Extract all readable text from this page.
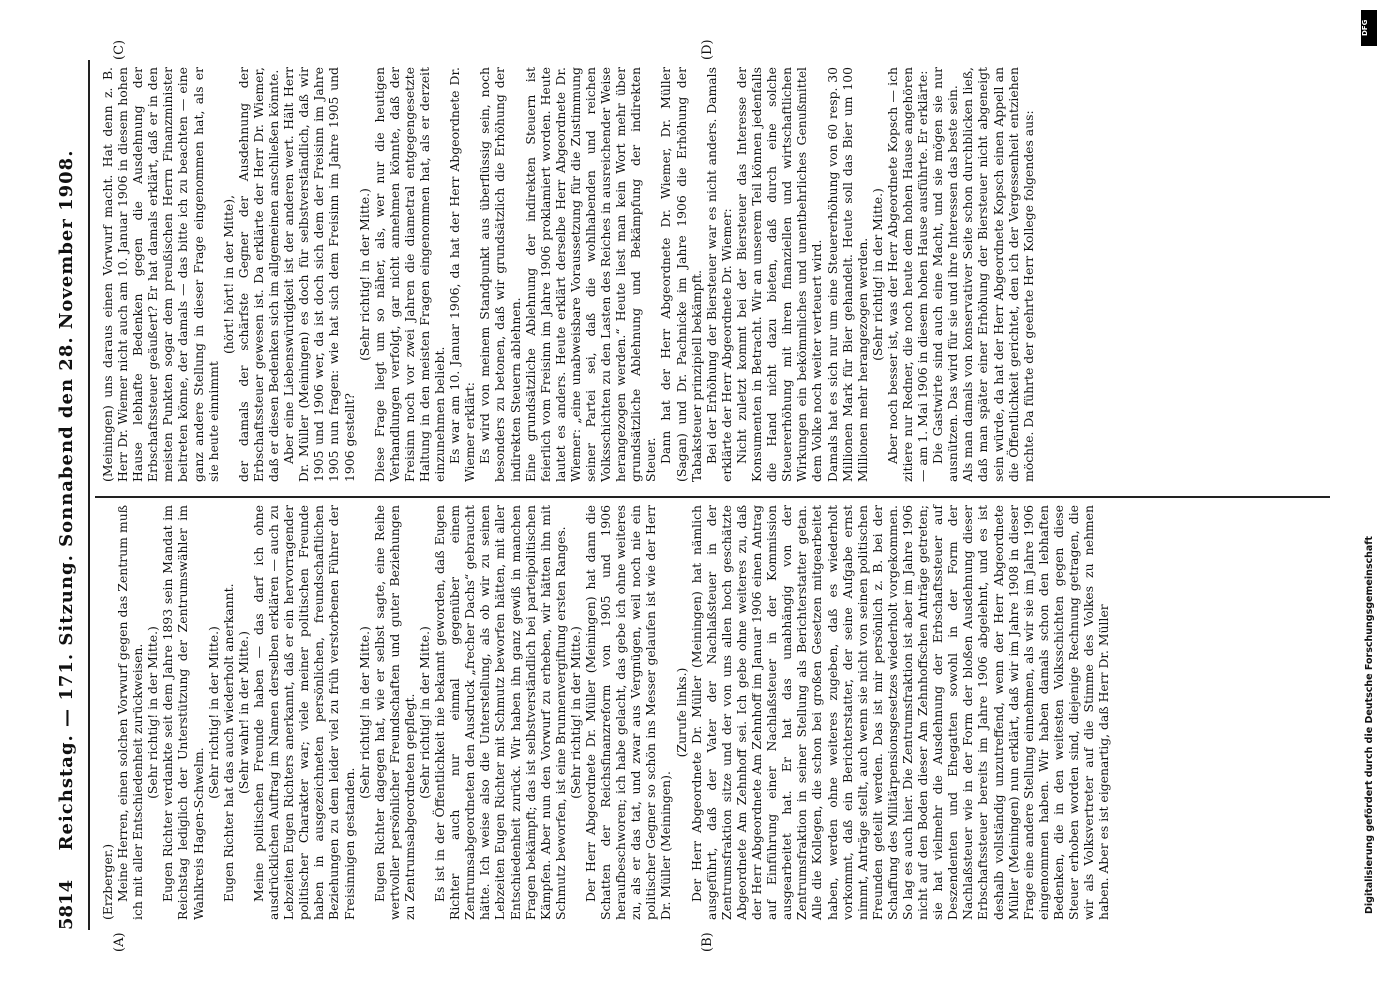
5814
Reichstag. — 171. Sitzung. Sonnabend den 28. November 1908.
(A)	(B)
(C)	(D)

(Erzberger.) Meine Herren, einen solchen Vorwurf gegen das Zentrum muß ich mit aller Entschiedenheit zurückweisen. (Sehr richtig! in der Mitte.) Eugen Richter verdankte seit dem Jahre 1893 sein Mandat im Reichstag lediglich der Unterstützung der Zentrumswähler im Wahlkreis Hagen-Schwelm.

(Sehr richtig! in der Mitte.) Eugen Richter hat das auch wiederholt anerkannt. (Sehr wahr! in der Mitte.) Meine politischen Freunde haben — das darf ich ohne ausdrücklichen Auftrag im Namen derselben erklären — auch zu Lebzeiten Eugen Richters anerkannt, daß er ein hervorragender politischer Charakter war; viele meiner politischen Freunde haben in ausgezeichneten persönlichen, freundschaftlichen Beziehungen zu dem leider viel zu früh verstorbenen Führer der Freisinnigen gestanden.

(Sehr richtig! in der Mitte.) Eugen Richter dagegen hat, wie er selbst sagte, eine Reihe wertvoller persönlicher Freundschaften und guter Beziehungen zu Zentrumsabgeordneten gepflegt. (Sehr richtig! in der Mitte.) Es ist in der Öffentlichkeit nie bekannt geworden, daß Eugen Richter auch nur einmal gegenüber einem Zentrumsabgeordneten den Ausdruck „frecher Dachs“ gebraucht hätte. Ich weise also die Unterstellung, als ob wir zu seinen Lebzeiten Eugen Richter mit Schmutz beworfen hätten, mit aller Entschiedenheit zurück. Wir haben ihn ganz gewiß in manchen Fragen bekämpft; das ist selbstverständlich bei parteipolitischen Kämpfen. Aber nun den Vorwurf zu erheben, wir hätten ihn mit Schmutz beworfen, ist eine Brunnenvergiftung ersten Ranges. (Sehr richtig! in der Mitte.) Der Herr Abgeordnete Dr. Müller (Meiningen) hat dann die Schatten der Reichsfinanzreform von 1905 und 1906 heraufbeschworen; ich habe gelacht, das gebe ich ohne weiteres zu, als er das tat, und zwar aus Vergnügen, weil noch nie ein politischer Gegner so schön ins Messer gelaufen ist wie der Herr Dr. Müller (Meiningen).

(Zurufe links.) Der Herr Abgeordnete Dr. Müller (Meiningen) hat nämlich ausgeführt, daß der Vater der Nachlaßsteuer in der Zentrumsfraktion sitze und der von uns allen hoch geschätzte Abgeordnete Am Zehnhoff sei. Ich gebe ohne weiteres zu, daß der Herr Abgeordnete Am Zehnhoff im Januar 1906 einen Antrag auf Einführung einer Nachlaßsteuer in der Kommission ausgearbeitet hat. Er hat das unabhängig von der Zentrumsfraktion in seiner Stellung als Berichterstatter getan. Alle die Kollegen, die schon bei großen Gesetzen mitgearbeitet haben, werden ohne weiteres zugeben, daß es wiederholt vorkommt, daß ein Berichterstatter, der seine Aufgabe ernst nimmt, Anträge stellt, auch wenn sie nicht von seinen politischen Freunden geteilt werden. Das ist mir persönlich z. B. bei der Schaffung des Militärpensionsgesetzes wiederholt vorgekommen. So lag es auch hier. Die Zentrumsfraktion ist aber im Jahre 1906 nicht auf den Boden dieser Am Zehnhoffschen Anträge getreten; sie hat vielmehr die Ausdehnung der Erbschaftssteuer auf Deszendenten und Ehegatten sowohl in der Form der Nachlaßsteuer wie in der Form der bloßen Ausdehnung dieser Erbschaftssteuer bereits im Jahre 1906 abgelehnt, und es ist deshalb vollständig unzutreffend, wenn der Herr Abgeordnete Müller (Meiningen) nun erklärt, daß wir im Jahre 1908 in dieser Frage eine andere Stellung einnehmen, als wir sie im Jahre 1906 eingenommen haben. Wir haben damals schon den lebhaften Bedenken, die in den weitesten Volksschichten gegen diese Steuer erhoben worden sind, diejenige Rechnung getragen, die wir als Volksvertreter auf die Stimme des Volkes zu nehmen haben. Aber es ist eigenartig, daß Herr Dr. Müller

(Meiningen) uns daraus einen Vorwurf macht. Hat denn z. B. Herr Dr. Wiemer nicht auch am 10. Januar 1906 in diesem hohen Hause lebhafte Bedenken gegen die Ausdehnung der Erbschaftssteuer geäußert? Er hat damals erklärt, daß er in den meisten Punkten sogar dem preußischen Herrn Finanzminister beitreten könne, der damals — das bitte ich zu beachten — eine ganz andere Stellung in dieser Frage eingenommen hat, als er sie heute einnimmt

(hört! hört! in der Mitte), der damals der schärfste Gegner der Ausdehnung der Erbschaftssteuer gewesen ist. Da erklärte der Herr Dr. Wiemer, daß er diesen Bedenken sich im allgemeinen anschließen könnte. Aber eine Liebenswürdigkeit ist der anderen wert. Hält Herr Dr. Müller (Meiningen) es doch für selbstverständlich, daß wir 1905 und 1906 wer, da ist doch sich dem der Freisinn im Jahre 1905 nun fragen: wie hat sich dem Freisinn im Jahre 1905 und 1906 gestellt?

(Sehr richtig! in der Mitte.) Diese Frage liegt um so näher, als, wer nur die heutigen Verhandlungen verfolgt, gar nicht annehmen könnte, daß der Freisinn noch vor zwei Jahren die diametral entgegengesetzte Haltung in den meisten Fragen eingenommen hat, als er derzeit einzunehmen beliebt. Es war am 10. Januar 1906, da hat der Herr Abgeordnete Dr. Wiemer erklärt: Es wird von meinem Standpunkt aus überflüssig sein, noch besonders zu betonen, daß wir grundsätzlich die Erhöhung der indirekten Steuern ablehnen. Eine grundsätzliche Ablehnung der indirekten Steuern ist feierlich vom Freisinn im Jahre 1906 proklamiert worden. Heute lautet es anders. Heute erklärt derselbe Herr Abgeordnete Dr. Wiemer: „eine unabweisbare Voraussetzung für die Zustimmung seiner Partei sei, daß die wohlhabenden und reichen Volksschichten zu den Lasten des Reiches in ausreichender Weise herangezogen werden.“ Heute liest man kein Wort mehr über grundsätzliche Ablehnung und Bekämpfung der indirekten Steuer. Dann hat der Herr Abgeordnete Dr. Wiemer, Dr. Müller (Sagan) und Dr. Pachnicke im Jahre 1906 die Erhöhung der Tabaksteuer prinzipiell bekämpft. Bei der Erhöhung der Biersteuer war es nicht anders. Damals erklärte der Herr Abgeordnete Dr. Wiemer: Nicht zuletzt kommt bei der Biersteuer das Interesse der Konsumenten in Betracht. Wir an unserem Teil können jedenfalls die Hand nicht dazu bieten, daß durch eine solche Steuererhöhung mit ihren finanziellen und wirtschaftlichen Wirkungen ein bekömmliches und unentbehrliches Genußmittel dem Volke noch weiter verteuert wird. Damals hat es sich nur um eine Steuererhöhung von 60 resp. 30 Millionen Mark für Bier gehandelt. Heute soll das Bier um 100 Millionen mehr herangezogen werden. (Sehr richtig! in der Mitte.) Aber noch besser ist, was der Herr Abgeordnete Kopsch — ich zitiere nur Redner, die noch heute dem hohen Hause angehören — am 1. Mai 1906 in diesem hohen Hause ausführte. Er erklärte: Die Gastwirte sind auch eine Macht, und sie mögen sie nur ausnützen. Das wird für sie und ihre Interessen das beste sein. Als man damals von konservativer Seite schon durchblicken ließ, daß man später einer Erhöhung der Biersteuer nicht abgeneigt sein würde, da hat der Herr Abgeordnete Kopsch einen Appell an die Öffentlichkeit gerichtet, den ich der Vergessenheit entziehen möchte. Da führte der geehrte Herr Kollege folgendes aus:

Digitalisierung gefördert durch die Deutsche Forschungsgemeinschaft
DFG
